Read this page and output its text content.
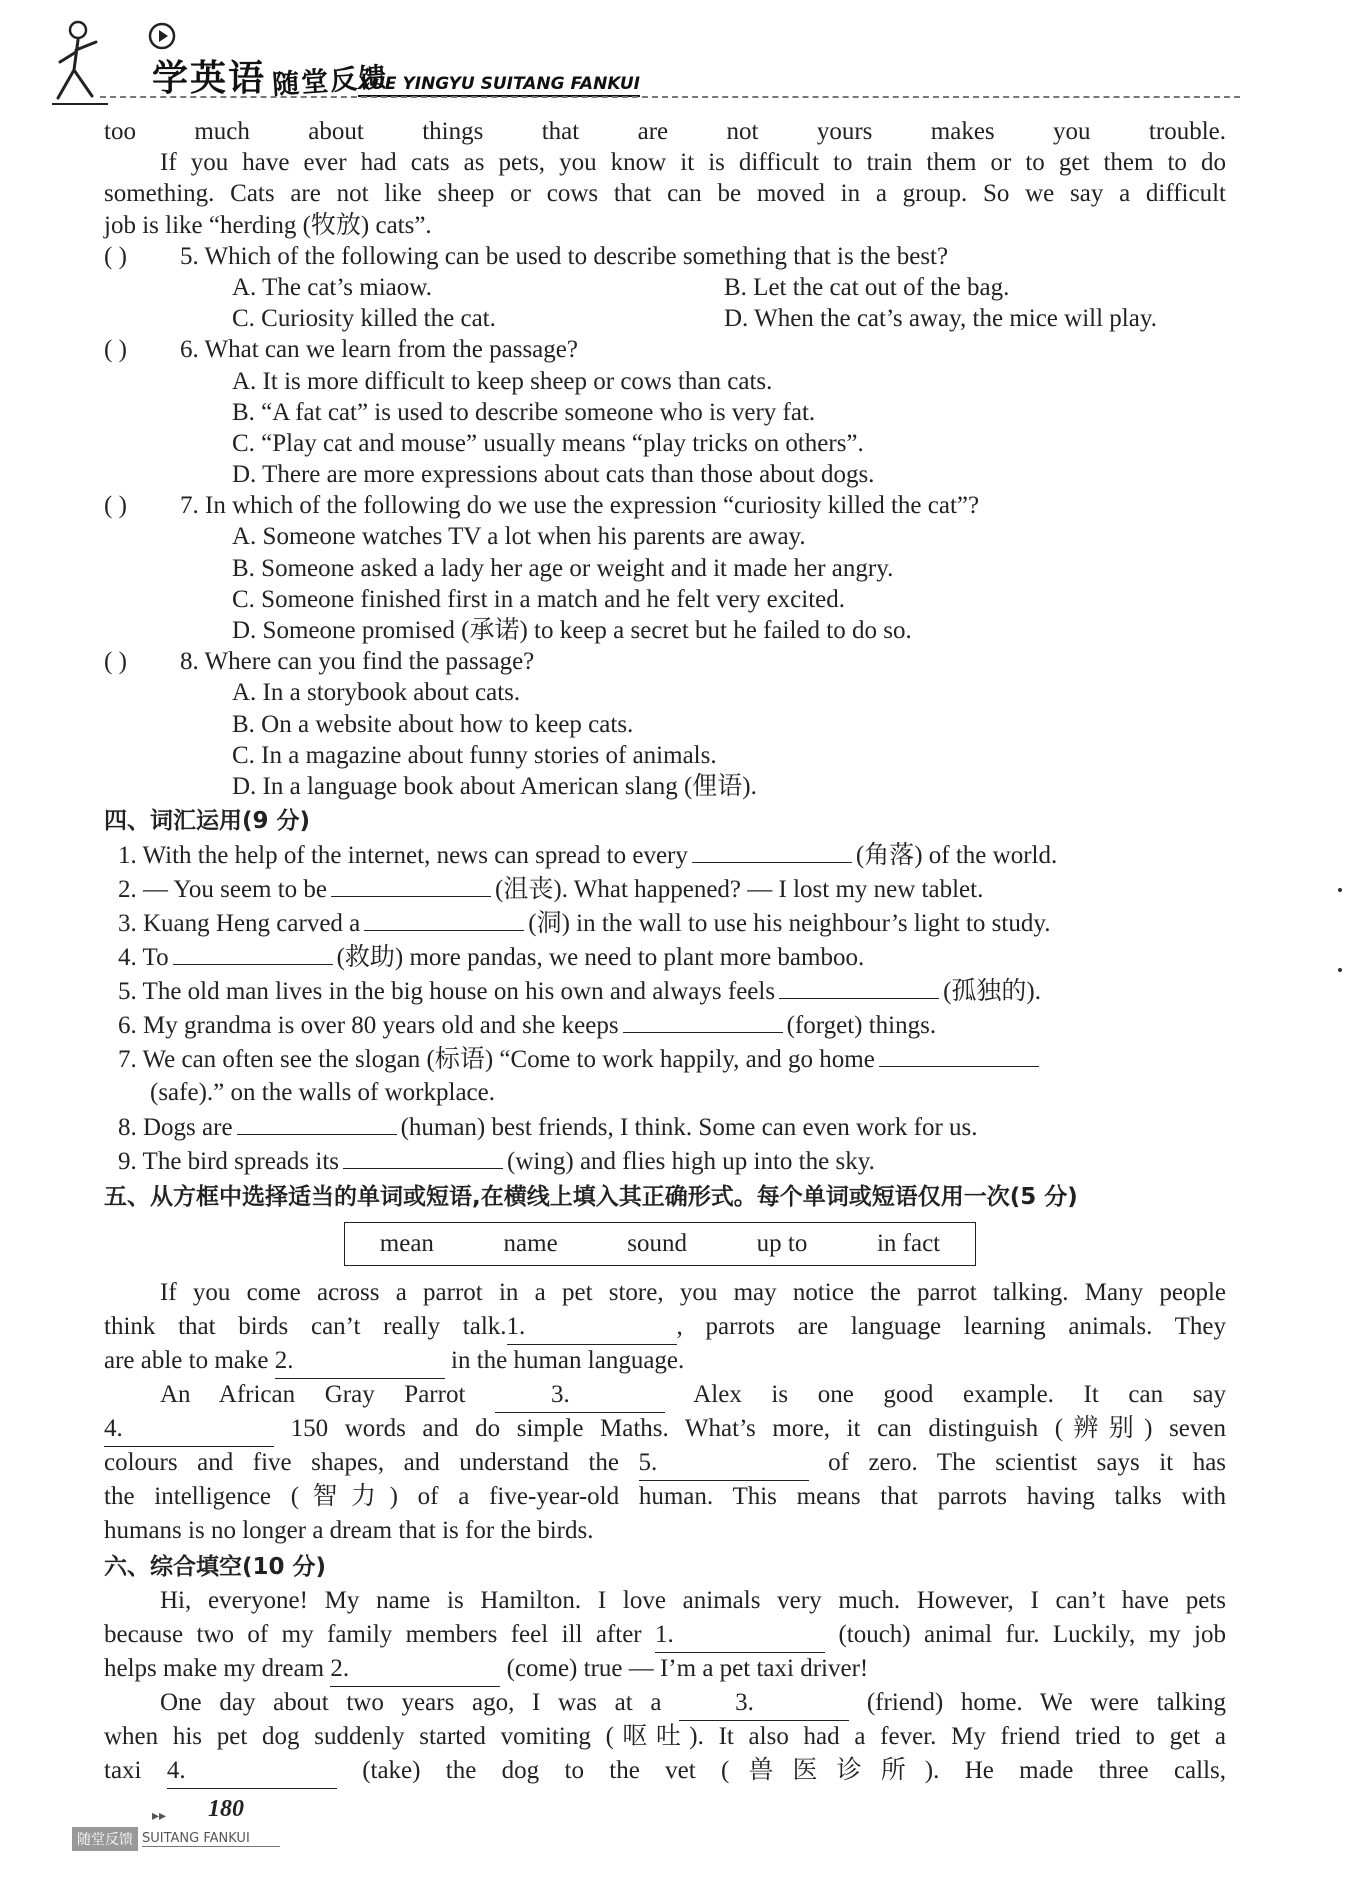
学英语 随堂反馈
XUE YINGYU SUITANG FANKUI
too much about things that are not yours makes you trouble.
If you have ever had cats as pets, you know it is difficult to train them or to get them to do
something. Cats are not like sheep or cows that can be moved in a group. So we say a difficult
job is like “herding (牧放) cats”.
( ) 5. Which of the following can be used to describe something that is the best?
A. The cat’s miaow.	B. Let the cat out of the bag.
C. Curiosity killed the cat.	D. When the cat’s away, the mice will play.
( ) 6. What can we learn from the passage?
A. It is more difficult to keep sheep or cows than cats.
B. “A fat cat” is used to describe someone who is very fat.
C. “Play cat and mouse” usually means “play tricks on others”.
D. There are more expressions about cats than those about dogs.
( ) 7. In which of the following do we use the expression “curiosity killed the cat”?
A. Someone watches TV a lot when his parents are away.
B. Someone asked a lady her age or weight and it made her angry.
C. Someone finished first in a match and he felt very excited.
D. Someone promised (承诺) to keep a secret but he failed to do so.
( ) 8. Where can you find the passage?
A. In a storybook about cats.
B. On a website about how to keep cats.
C. In a magazine about funny stories of animals.
D. In a language book about American slang (俚语).
四、词汇运用(9 分)
1. With the help of the internet, news can spread to every	(角落) of the world.
2. — You seem to be	(沮丧). What happened? — I lost my new tablet.
3. Kuang Heng carved a	(洞) in the wall to use his neighbour’s light to study.
4. To	(救助) more pandas, we need to plant more bamboo.
5. The old man lives in the big house on his own and always feels	(孤独的).
6. My grandma is over 80 years old and she keeps	(forget) things.
7. We can often see the slogan (标语) “Come to work happily, and go home
(safe).” on the walls of workplace.
8. Dogs are	(human) best friends, I think. Some can even work for us.
9. The bird spreads its	(wing) and flies high up into the sky.
五、从方框中选择适当的单词或短语,在横线上填入其正确形式。每个单词或短语仅用一次(5 分)
mean	name	sound	up to	in fact
If you come across a parrot in a pet store, you may notice the parrot talking. Many people
think that birds can’t really talk.1.	, parrots are language learning animals. They
are able to make 2.	in the human language.
An African Gray Parrot	3.	Alex is one good example. It can say
4.	150 words and do simple Maths. What’s more, it can distinguish (辨别) seven
colours and five shapes, and understand the 5.	of zero. The scientist says it has
the intelligence (智力) of a five-year-old human. This means that parrots having talks with
humans is no longer a dream that is for the birds.
六、综合填空(10 分)
Hi, everyone! My name is Hamilton. I love animals very much. However, I can’t have pets
because two of my family members feel ill after 1.	(touch) animal fur. Luckily, my job
helps make my dream 2.	(come) true — I’m a pet taxi driver!
One day about two years ago, I was at a	3.	(friend) home. We were talking
when his pet dog suddenly started vomiting (呕吐). It also had a fever. My friend tried to get a
taxi 4.	(take) the dog to the vet (兽医诊所). He made three calls,
▸▸ 180
随堂反馈 SUITANG FANKUI
